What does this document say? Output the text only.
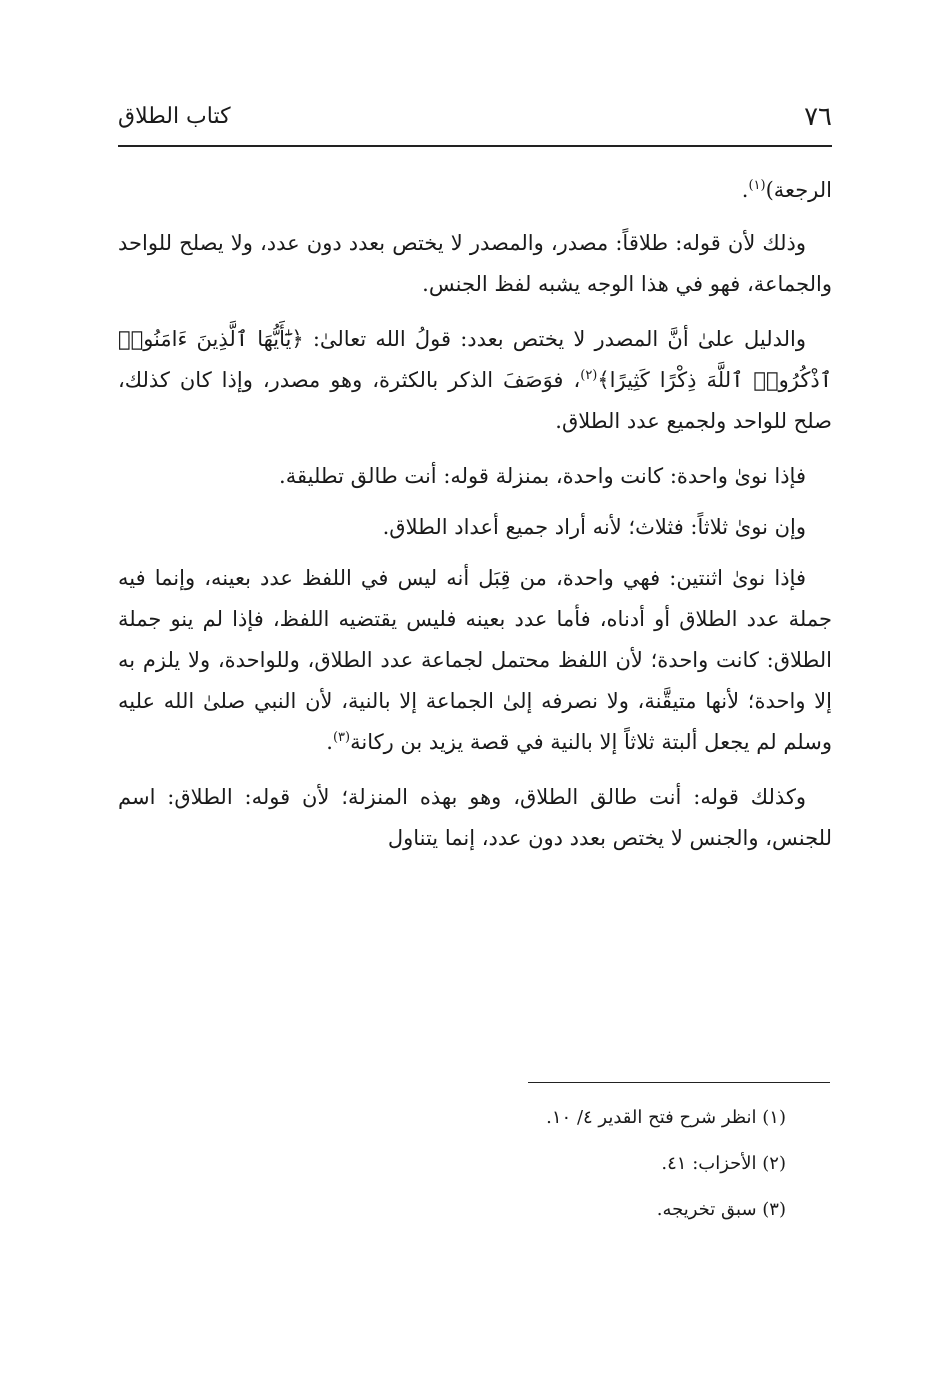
٧٦
كتاب الطلاق

الرجعة)$^{(١)}$.

وذلك لأن قوله: طلاقاً: مصدر، والمصدر لا يختص بعدد دون عدد، ولا يصلح للواحد والجماعة، فهو في هذا الوجه يشبه لفظ الجنس.

والدليل علىٰ أنَّ المصدر لا يختص بعدد: قولُ الله تعالىٰ: ﴿يَٰٓأَيُّهَا ٱلَّذِينَ ءَامَنُوا۟ ٱذْكُرُوا۟ ٱللَّهَ ذِكْرًا كَثِيرًا﴾$^{(٢)}$، فوَصَفَ الذكر بالكثرة، وهو مصدر، وإذا كان كذلك، صلح للواحد ولجميع عدد الطلاق.

فإذا نوىٰ واحدة: كانت واحدة، بمنزلة قوله: أنت طالق تطليقة.

وإن نوىٰ ثلاثاً: فثلاث؛ لأنه أراد جميع أعداد الطلاق.

فإذا نوىٰ اثنتين: فهي واحدة، من قِبَل أنه ليس في اللفظ عدد بعينه، وإنما فيه جملة عدد الطلاق أو أدناه، فأما عدد بعينه فليس يقتضيه اللفظ، فإذا لم ينو جملة الطلاق: كانت واحدة؛ لأن اللفظ محتمل لجماعة عدد الطلاق، وللواحدة، ولا يلزم به إلا واحدة؛ لأنها متيقَّنة، ولا نصرفه إلىٰ الجماعة إلا بالنية، لأن النبي صلىٰ الله عليه وسلم لم يجعل ألبتة ثلاثاً إلا بالنية في قصة يزيد بن ركانة$^{(٣)}$.

وكذلك قوله: أنت طالق الطلاق، وهو بهذه المنزلة؛ لأن قوله: الطلاق: اسم للجنس، والجنس لا يختص بعدد دون عدد، إنما يتناول

(١) انظر شرح فتح القدير ٤/ ١٠.

(٢) الأحزاب: ٤١.

(٣) سبق تخريجه.
